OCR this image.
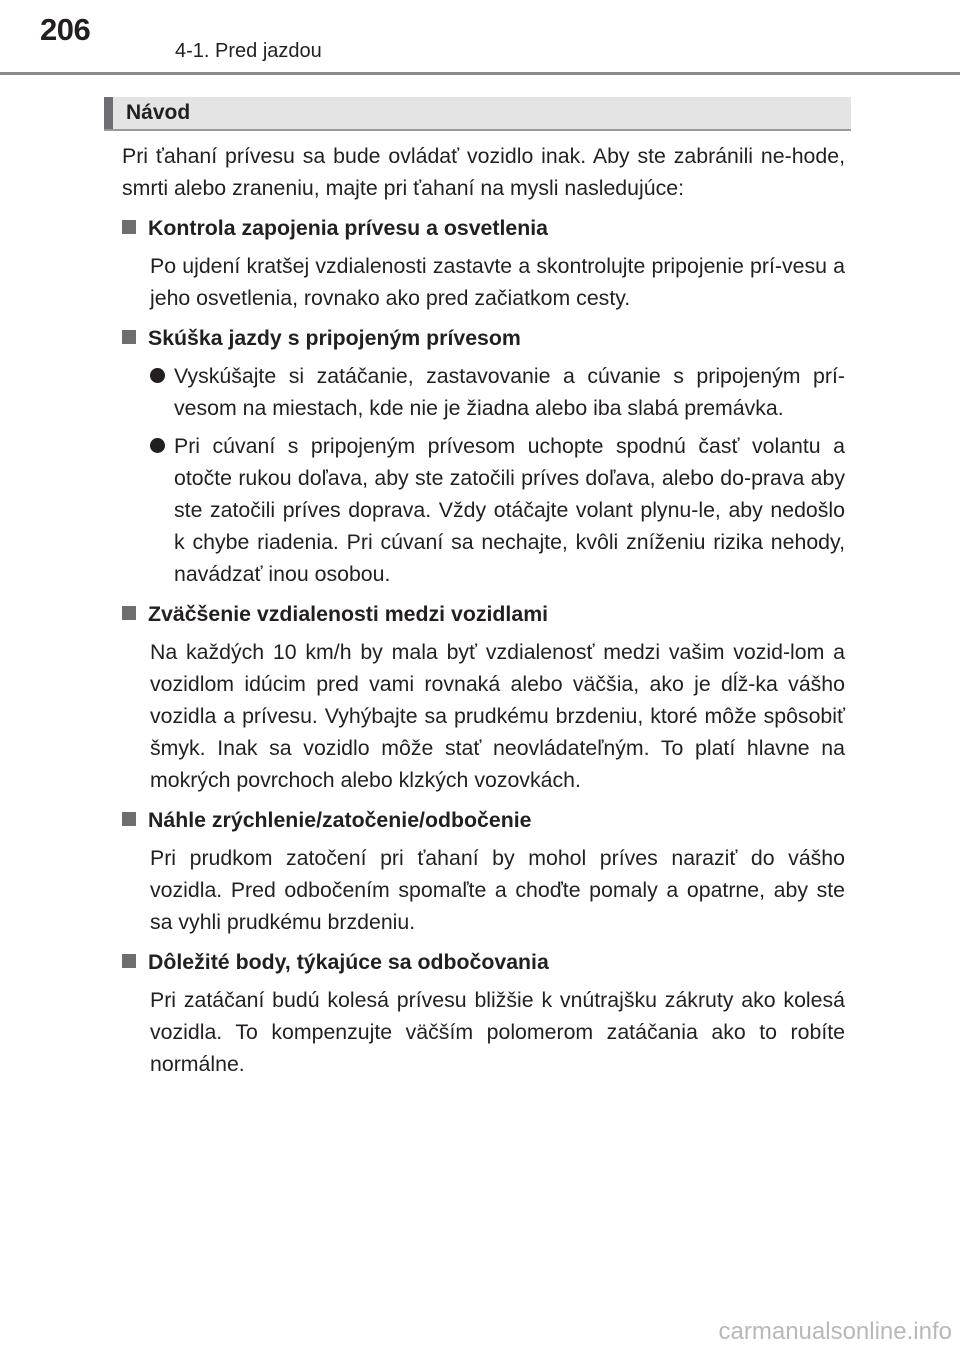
206
4-1. Pred jazdou
Návod

Pri ťahaní prívesu sa bude ovládať vozidlo inak. Aby ste zabránili ne-hode, smrti alebo zraneniu, majte pri ťahaní na mysli nasledujúce:

Kontrola zapojenia prívesu a osvetlenia

Po ujdení kratšej vzdialenosti zastavte a skontrolujte pripojenie prí-vesu a jeho osvetlenia, rovnako ako pred začiatkom cesty.

Skúška jazdy s pripojeným prívesom
Vyskúšajte si zatáčanie, zastavovanie a cúvanie s pripojeným prí-vesom na miestach, kde nie je žiadna alebo iba slabá premávka.
Pri cúvaní s pripojeným prívesom uchopte spodnú časť volantu a otočte rukou doľava, aby ste zatočili príves doľava, alebo do-prava aby ste zatočili príves doprava. Vždy otáčajte volant plynu-le, aby nedošlo k chybe riadenia. Pri cúvaní sa nechajte, kvôli zníženiu rizika nehody, navádzať inou osobou.
Zväčšenie vzdialenosti medzi vozidlami

Na každých 10 km/h by mala byť vzdialenosť medzi vašim vozid-lom a vozidlom idúcim pred vami rovnaká alebo väčšia, ako je dĺž-ka vášho vozidla a prívesu. Vyhýbajte sa prudkému brzdeniu, ktoré môže spôsobiť šmyk. Inak sa vozidlo môže stať neovládateľným. To platí hlavne na mokrých povrchoch alebo klzkých vozovkách.

Náhle zrýchlenie/zatočenie/odbočenie

Pri prudkom zatočení pri ťahaní by mohol príves naraziť do vášho vozidla. Pred odbočením spomaľte a choďte pomaly a opatrne, aby ste sa vyhli prudkému brzdeniu.

Dôležité body, týkajúce sa odbočovania

Pri zatáčaní budú kolesá prívesu bližšie k vnútrajšku zákruty ako kolesá vozidla. To kompenzujte väčším polomerom zatáčania ako to robíte normálne.

carmanualsonline.info
